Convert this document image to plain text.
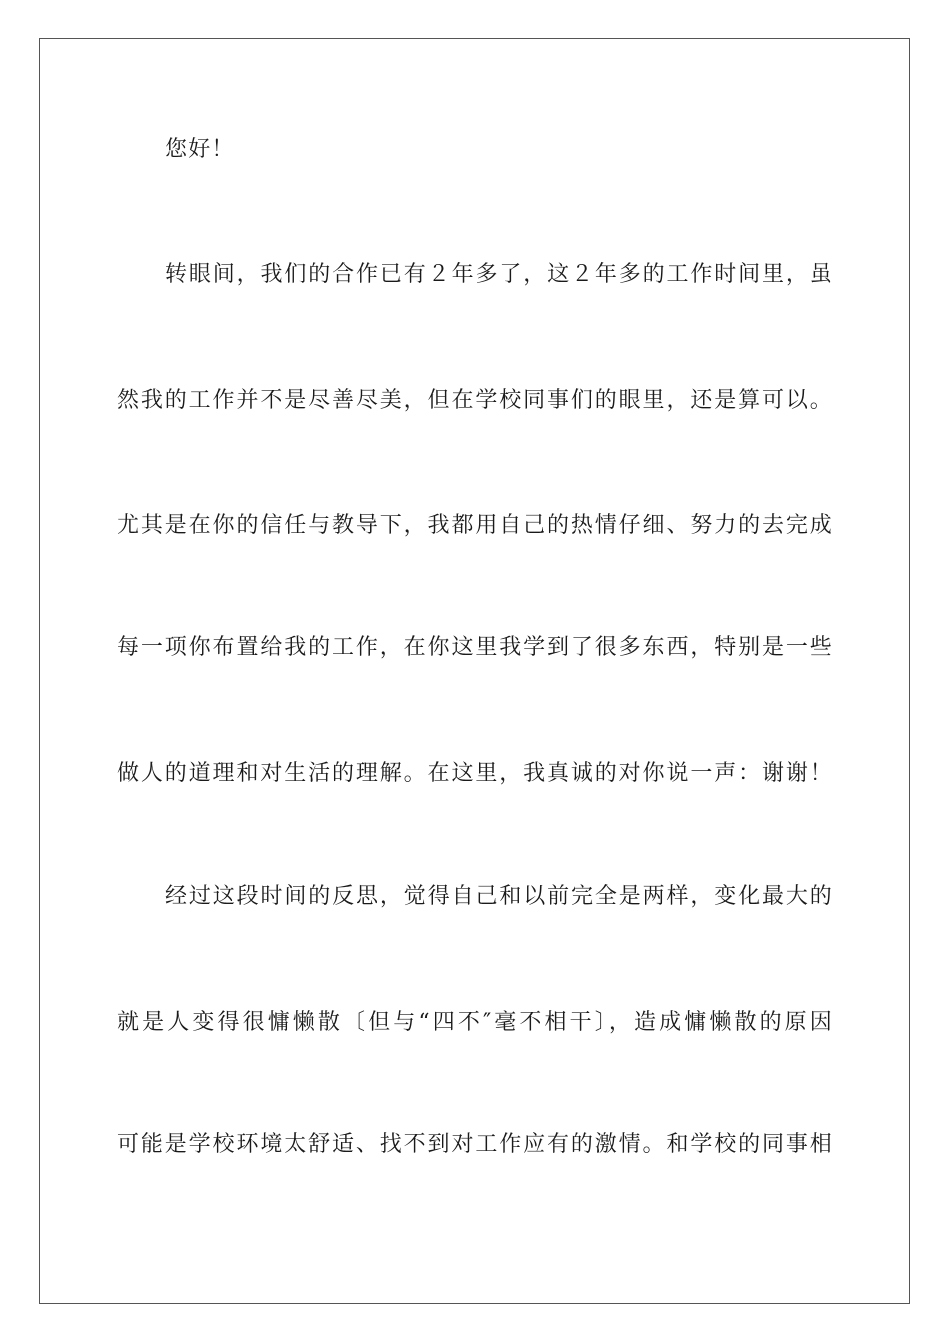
您好！
转眼间，我们的合作已有２年多了，这２年多的工作时间里，虽
然我的工作并不是尽善尽美，但在学校同事们的眼里，还是算可以。
尤其是在你的信任与教导下，我都用自己的热情仔细、努力的去完成
每一项你布置给我的工作，在你这里我学到了很多东西，特别是一些
做人的道理和对生活的理解。在这里，我真诚的对你说一声：谢谢！
经过这段时间的反思，觉得自己和以前完全是两样，变化最大的
就是人变得很慵懒散〔但与“四不″毫不相干〕，造成慵懒散的原因
可能是学校环境太舒适、找不到对工作应有的激情。和学校的同事相
